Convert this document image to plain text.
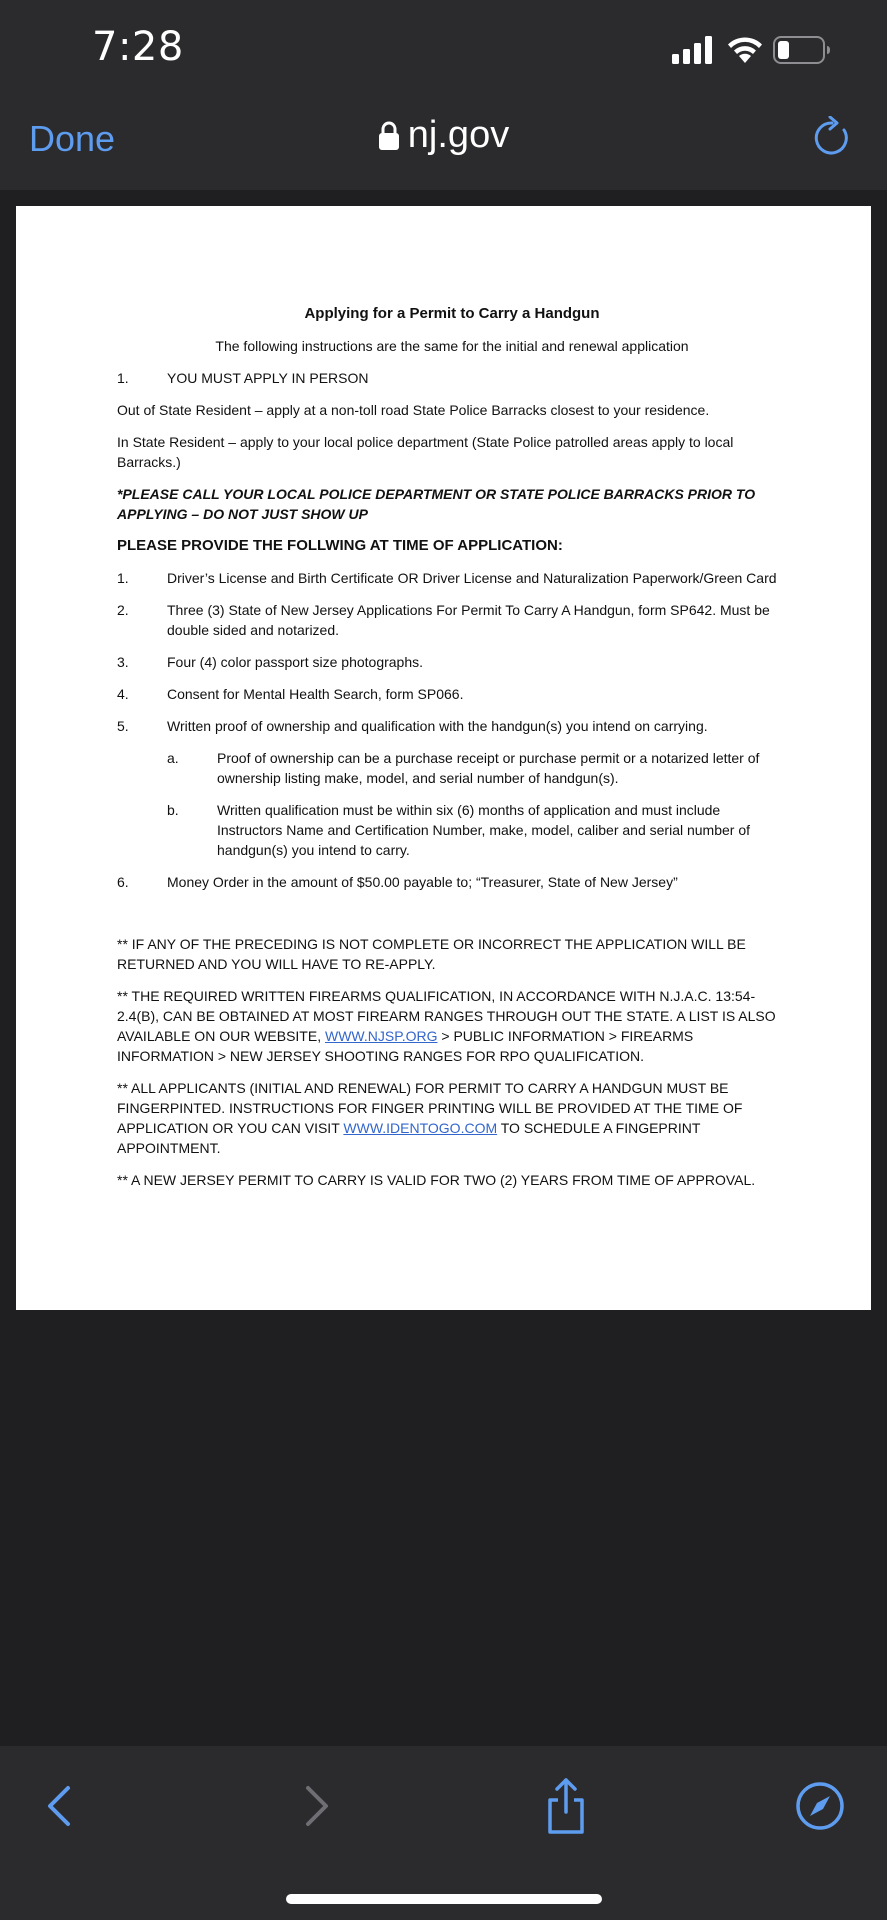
7:28
Done	nj.gov
Applying for a Permit to Carry a Handgun
The following instructions are the same for the initial and renewal application
1.	YOU MUST APPLY IN PERSON
Out of State Resident – apply at a non-toll road State Police Barracks closest to your residence.
In State Resident – apply to your local police department (State Police patrolled areas apply to local Barracks.)
*PLEASE CALL YOUR LOCAL POLICE DEPARTMENT OR STATE POLICE BARRACKS PRIOR TO APPLYING – DO NOT JUST SHOW UP
PLEASE PROVIDE THE FOLLWING AT TIME OF APPLICATION:
1.	Driver’s License and Birth Certificate OR Driver License and Naturalization Paperwork/Green Card
2.	Three (3) State of New Jersey Applications For Permit To Carry A Handgun, form SP642. Must be double sided and notarized.
3.	Four (4) color passport size photographs.
4.	Consent for Mental Health Search, form SP066.
5.	Written proof of ownership and qualification with the handgun(s) you intend on carrying.
a.	Proof of ownership can be a purchase receipt or purchase permit or a notarized letter of ownership listing make, model, and serial number of handgun(s).
b.	Written qualification must be within six (6) months of application and must include Instructors Name and Certification Number, make, model, caliber and serial number of handgun(s) you intend to carry.
6.	Money Order in the amount of $50.00 payable to; “Treasurer, State of New Jersey”
** IF ANY OF THE PRECEDING IS NOT COMPLETE OR INCORRECT THE APPLICATION WILL BE RETURNED AND YOU WILL HAVE TO RE-APPLY.
** THE REQUIRED WRITTEN FIREARMS QUALIFICATION, IN ACCORDANCE WITH N.J.A.C. 13:54-2.4(B), CAN BE OBTAINED AT MOST FIREARM RANGES THROUGH OUT THE STATE. A LIST IS ALSO AVAILABLE ON OUR WEBSITE, WWW.NJSP.ORG > PUBLIC INFORMATION > FIREARMS INFORMATION > NEW JERSEY SHOOTING RANGES FOR RPO QUALIFICATION.
** ALL APPLICANTS (INITIAL AND RENEWAL) FOR PERMIT TO CARRY A HANDGUN MUST BE FINGERPINTED. INSTRUCTIONS FOR FINGER PRINTING WILL BE PROVIDED AT THE TIME OF APPLICATION OR YOU CAN VISIT WWW.IDENTOGO.COM TO SCHEDULE A FINGEPRINT APPOINTMENT.
** A NEW JERSEY PERMIT TO CARRY IS VALID FOR TWO (2) YEARS FROM TIME OF APPROVAL.
